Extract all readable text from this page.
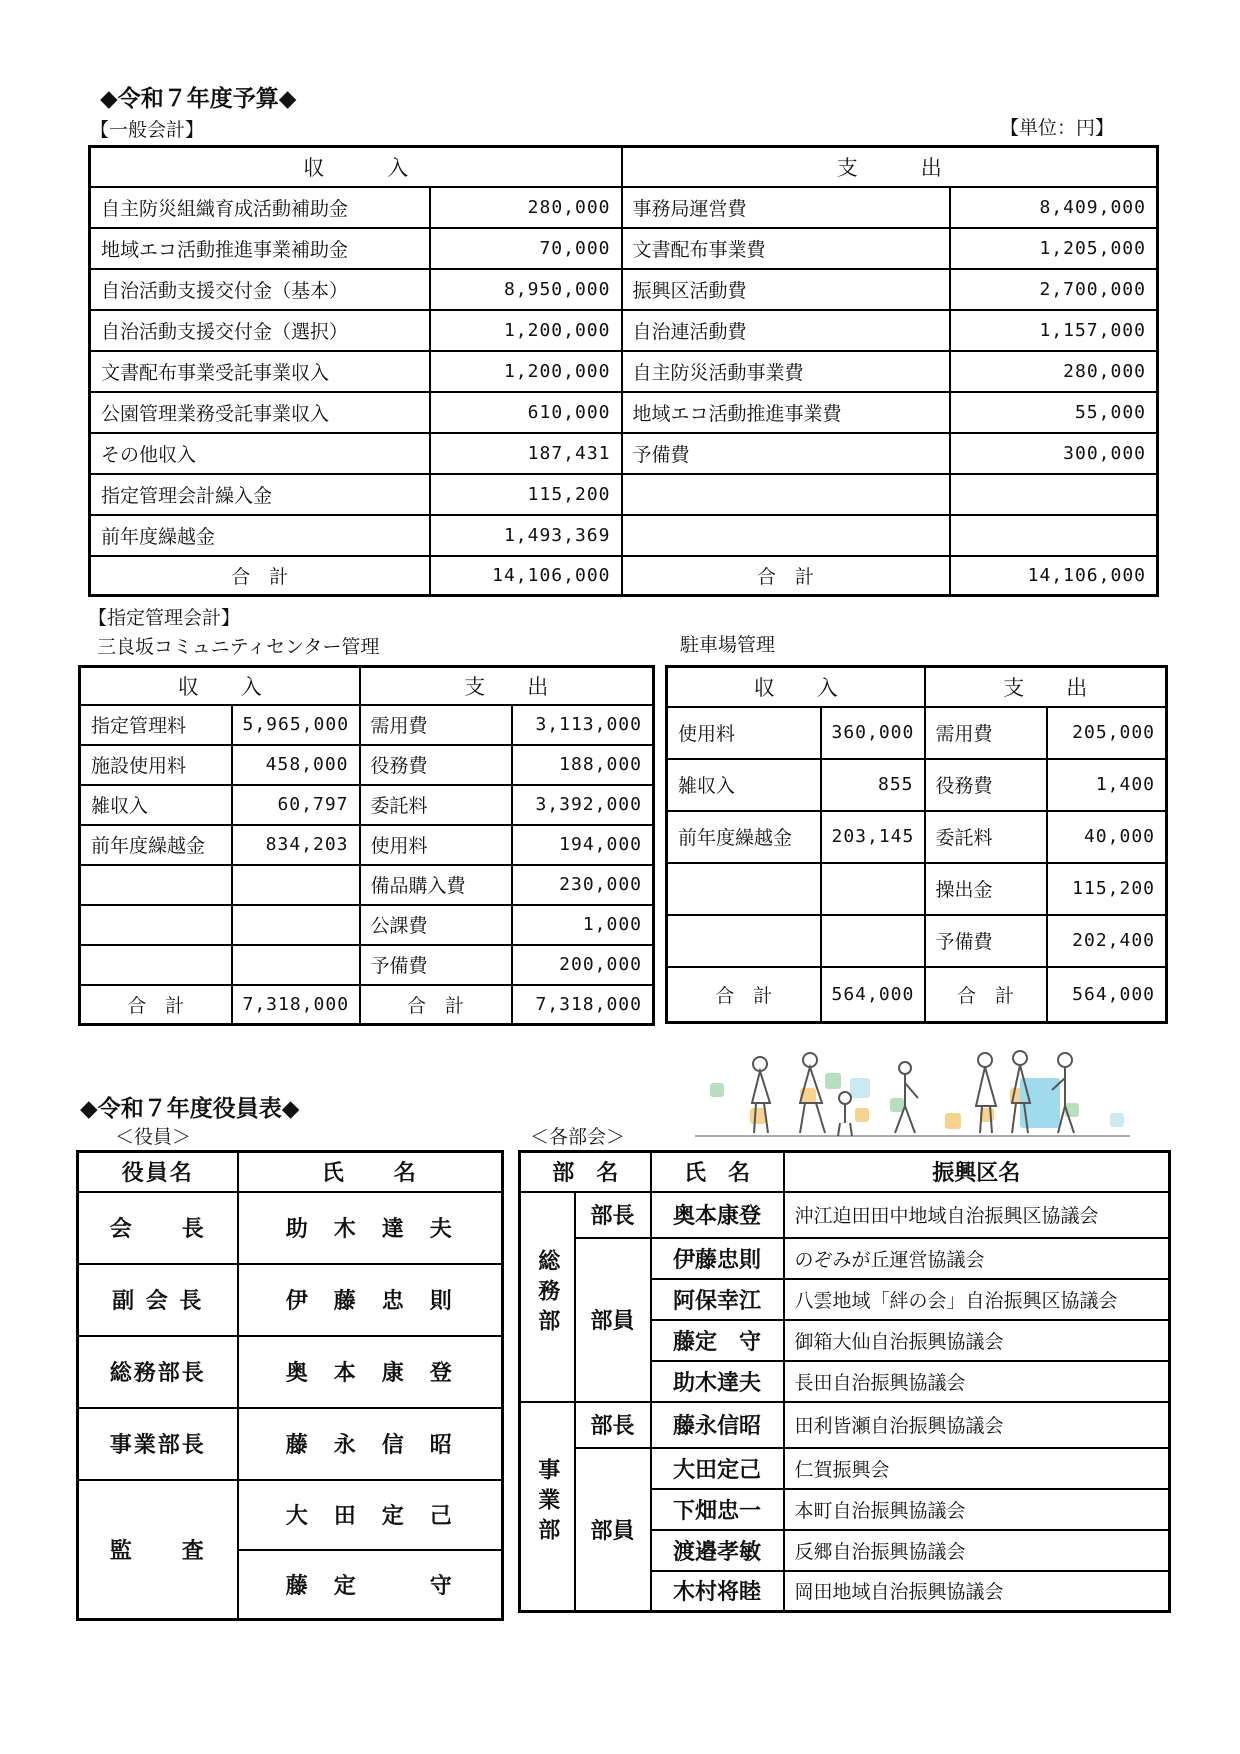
◆令和７年度予算◆
【一般会計】	【単位：円】
収　　　入		支　　　出	
自主防災組織育成活動補助金	280,000	事務局運営費	8,409,000
地域エコ活動推進事業補助金	70,000	文書配布事業費	1,205,000
自治活動支援交付金（基本）	8,950,000	振興区活動費	2,700,000
自治活動支援交付金（選択）	1,200,000	自治連活動費	1,157,000
文書配布事業受託事業収入	1,200,000	自主防災活動事業費	280,000
公園管理業務受託事業収入	610,000	地域エコ活動推進事業費	55,000
その他収入	187,431	予備費	300,000
指定管理会計繰入金	115,200		
前年度繰越金	1,493,369		
合　計	14,106,000	合　計	14,106,000
【指定管理会計】
三良坂コミュニティセンター管理	駐車場管理
収　　入		支　　出	
指定管理料	5,965,000	需用費	3,113,000
施設使用料	458,000	役務費	188,000
雑収入	60,797	委託料	3,392,000
前年度繰越金	834,203	使用料	194,000
		備品購入費	230,000
		公課費	1,000
		予備費	200,000
合　計	7,318,000	合　計	7,318,000
収　　入		支　　出	
使用料	360,000	需用費	205,000
雑収入	855	役務費	1,400
前年度繰越金	203,145	委託料	40,000
		操出金	115,200
		予備費	202,400
合　計	564,000	合　計	564,000
◆令和７年度役員表◆
＜役員＞	＜各部会＞
役員名	氏　　名
会　　長	助　木　達　夫
副 会 長	伊　藤　忠　則
総務部長	奥　本　康　登
事業部長	藤　永　信　昭
監　　査	大　田　定　己
	藤　定　　　守
部　名		氏　名	振興区名
総務部	部長	奥本康登	沖江迫田田中地域自治振興区協議会
	部員	伊藤忠則	のぞみが丘運営協議会
		阿保幸江	八雲地域「絆の会」自治振興区協議会
		藤定　守	御箱大仙自治振興協議会
		助木達夫	長田自治振興協議会
事業部	部長	藤永信昭	田利皆瀬自治振興協議会
	部員	大田定己	仁賀振興会
		下畑忠一	本町自治振興協議会
		渡邉孝敏	反郷自治振興協議会
		木村将睦	岡田地域自治振興協議会
